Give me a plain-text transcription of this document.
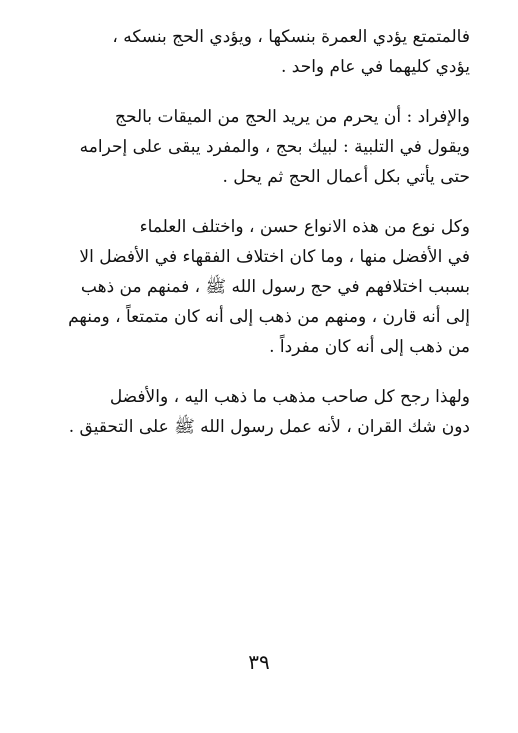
فالمتمتع يؤدي العمرة بنسكها ، ويؤدي الحج بنسكه ،
يؤدي كليهما في عام واحد .

والإفراد : أن يحرم من يريد الحج من الميقات بالحج
ويقول في التلبية : لبيك بحج ، والمفرد يبقى على إحرامه
حتى يأتي بكل أعمال الحج ثم يحل .

وكل نوع من هذه الانواع حسن ، واختلف العلماء
في الأفضل منها ، وما كان اختلاف الفقهاء في الأفضل الا
بسبب اختلافهم في حج رسول الله ﷺ ، فمنهم من ذهب
إلى أنه قارن ، ومنهم من ذهب إلى أنه كان متمتعاً ، ومنهم
من ذهب إلى أنه كان مفرداً .

ولهذا رجح كل صاحب مذهب ما ذهب اليه ، والأفضل
دون شك القران ، لأنه عمل رسول الله ﷺ على التحقيق .

٣٩
